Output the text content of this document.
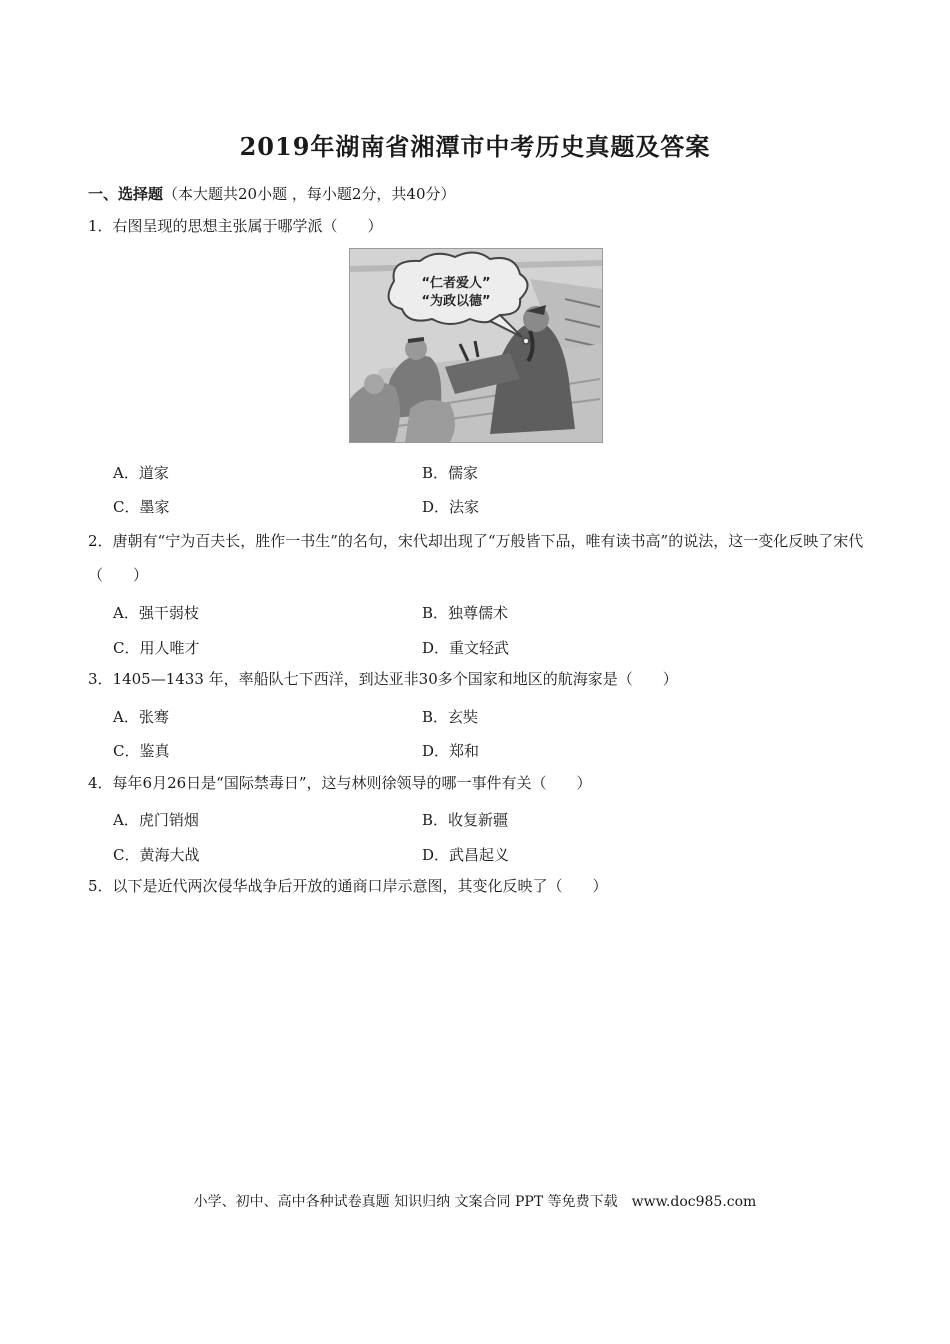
2019年湖南省湘潭市中考历史真题及答案
一、选择题（本大题共20小题 ，每小题2分，共40分）
1．右图呈现的思想主张属于哪学派（　　）
“仁者爱人”
“为政以德”
A．道家	B．儒家
C．墨家	D．法家
2．唐朝有“宁为百夫长，胜作一书生”的名句，宋代却出现了“万般皆下品，唯有读书高”的说法，这一变化反映了宋代（　　）
A．强干弱枝	B．独尊儒术
C．用人唯才	D．重文轻武
3．1405—1433 年，率船队七下西洋，到达亚非30多个国家和地区的航海家是（　　）
A．张骞	B．玄奘
C．鉴真	D．郑和
4．每年6月26日是“国际禁毒日”，这与林则徐领导的哪一事件有关（　　）
A．虎门销烟	B．收复新疆
C．黄海大战	D．武昌起义
5．以下是近代两次侵华战争后开放的通商口岸示意图，其变化反映了（　　）
小学、初中、高中各种试卷真题 知识归纳 文案合同 PPT 等免费下载　www.doc985.com
